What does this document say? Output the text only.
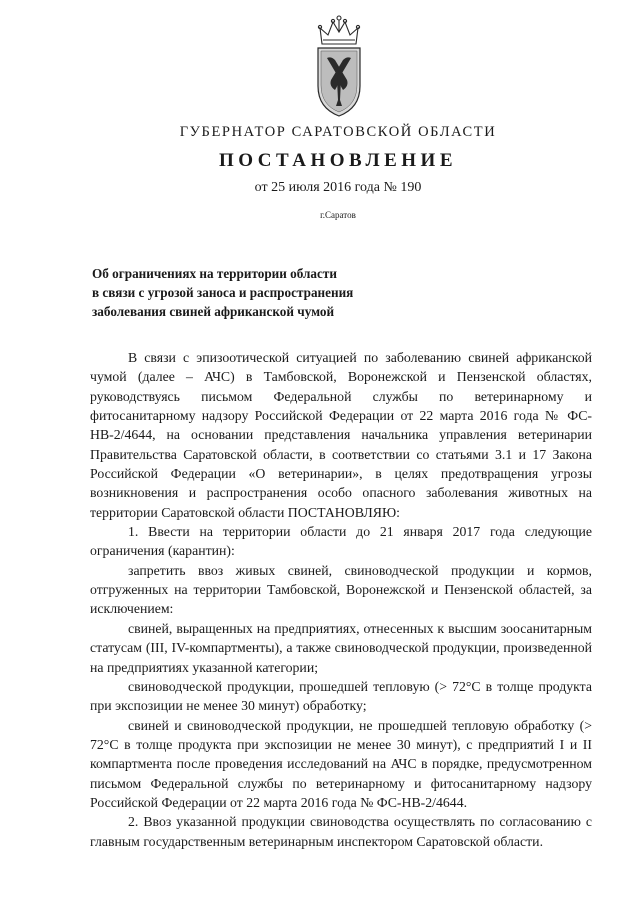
ГУБЕРНАТОР САРАТОВСКОЙ ОБЛАСТИ
ПОСТАНОВЛЕНИЕ
от 25 июля 2016 года № 190
г.Саратов
Об ограничениях на территории области
в связи с угрозой заноса и распространения
заболевания свиней африканской чумой

В связи с эпизоотической ситуацией по заболеванию свиней африканской чумой (далее – АЧС) в Тамбовской, Воронежской и Пензенской областях, руководствуясь письмом Федеральной службы по ветеринарному и фитосанитарному надзору Российской Федерации от 22 марта 2016 года № ФС-НВ-2/4644, на основании представления начальника управления ветеринарии Правительства Саратовской области, в соответствии со статьями 3.1 и 17 Закона Российской Федерации «О ветеринарии», в целях предотвращения угрозы возникновения и распространения особо опасного заболевания животных на территории Саратовской области ПОСТАНОВЛЯЮ:

1. Ввести на территории области до 21 января 2017 года следующие ограничения (карантин):

запретить ввоз живых свиней, свиноводческой продукции и кормов, отгруженных на территории Тамбовской, Воронежской и Пензенской областей, за исключением:

свиней, выращенных на предприятиях, отнесенных к высшим зоосанитарным статусам (III, IV-компартменты), а также свиноводческой продукции, произведенной на предприятиях указанной категории;

свиноводческой продукции, прошедшей тепловую (> 72°С в толще продукта при экспозиции не менее 30 минут) обработку;

свиней и свиноводческой продукции, не прошедшей тепловую обработку (> 72°С в толще продукта при экспозиции не менее 30 минут), с предприятий I и II компартмента после проведения исследований на АЧС в порядке, предусмотренном письмом Федеральной службы по ветеринарному и фитосанитарному надзору Российской Федерации от 22 марта 2016 года № ФС-НВ-2/4644.

2. Ввоз указанной продукции свиноводства осуществлять по согласованию с главным государственным ветеринарным инспектором Саратовской области.
